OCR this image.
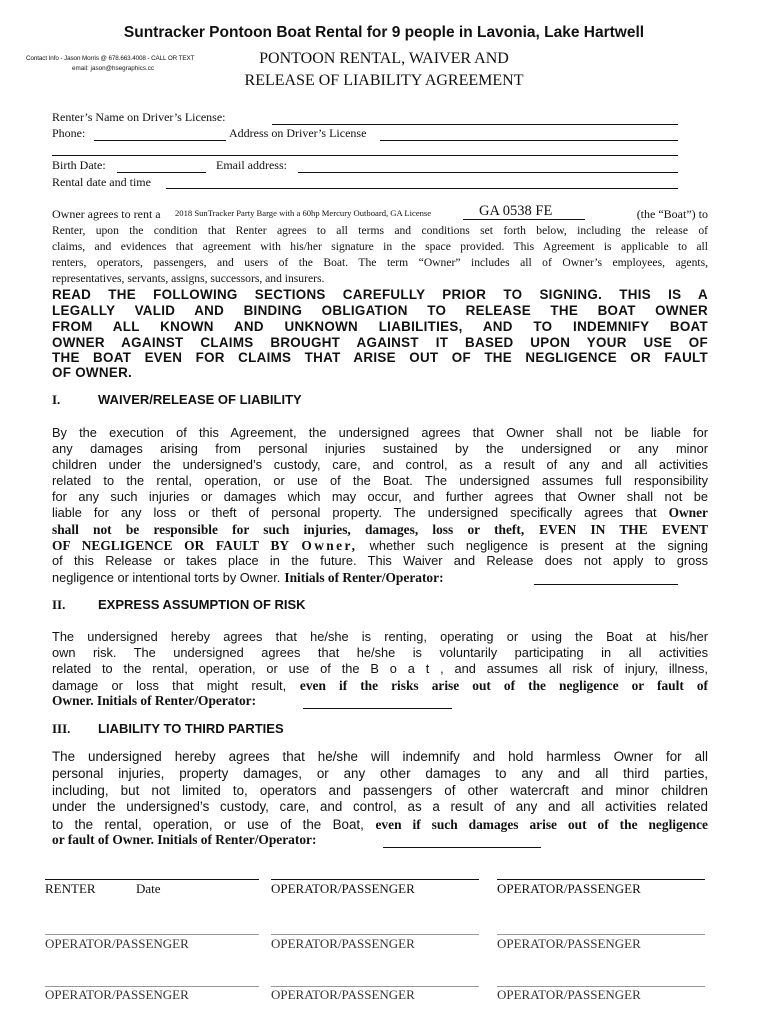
Suntracker Pontoon Boat Rental for 9 people in Lavonia, Lake Hartwell
Contact Info - Jason Morris @ 678.663.4008 - CALL OR TEXT
email: jason@hsegraphics.cc
PONTOON RENTAL, WAIVER AND
RELEASE OF LIABILITY AGREEMENT
Renter’s Name on Driver’s License:
Phone:	Address on Driver’s License
Birth Date:	Email address:
Rental date and time
Owner agrees to rent a 2018 SunTracker Party Barge with a 60hp Mercury Outboard, GA License	GA 0538 FE	(the “Boat”) to
Renter, upon the condition that Renter agrees to all terms and conditions set forth below, including the release of
claims, and evidences that agreement with his/her signature in the space provided. This Agreement is applicable to all
renters, operators, passengers, and users of the Boat. The term “Owner” includes all of Owner’s employees, agents,
representatives, servants, assigns, successors, and insurers.
READ THE FOLLOWING SECTIONS CAREFULLY PRIOR TO SIGNING. THIS IS A
LEGALLY VALID AND BINDING OBLIGATION TO RELEASE THE BOAT OWNER
FROM ALL KNOWN AND UNKNOWN LIABILITIES, AND TO INDEMNIFY BOAT
OWNER AGAINST CLAIMS BROUGHT AGAINST IT BASED UPON YOUR USE OF
THE BOAT EVEN FOR CLAIMS THAT ARISE OUT OF THE NEGLIGENCE OR FAULT
OF OWNER.
I.	WAIVER/RELEASE OF LIABILITY
By the execution of this Agreement, the undersigned agrees that Owner shall not be liable for
any damages arising from personal injuries sustained by the undersigned or any minor
children under the undersigned’s custody, care, and control, as a result of any and all activities
related to the rental, operation, or use of the Boat. The undersigned assumes full responsibility
for any such injuries or damages which may occur, and further agrees that Owner shall not be
liable for any loss or theft of personal property. The undersigned specifically agrees that Owner
shall not be responsible for such injuries, damages, loss or theft, EVEN IN THE EVENT
OF NEGLIGENCE OR FAULT BY Owner, whether such negligence is present at the signing
of this Release or takes place in the future. This Waiver and Release does not apply to gross
negligence or intentional torts by Owner. Initials of Renter/Operator:
II.	EXPRESS ASSUMPTION OF RISK
The undersigned hereby agrees that he/she is renting, operating or using the Boat at his/her
own risk. The undersigned agrees that he/she is voluntarily participating in all activities
related to the rental, operation, or use of the B o a t , and assumes all risk of injury, illness,
damage or loss that might result, even if the risks arise out of the negligence or fault of
Owner. Initials of Renter/Operator:
III. LIABILITY TO THIRD PARTIES
The undersigned hereby agrees that he/she will indemnify and hold harmless Owner for all
personal injuries, property damages, or any other damages to any and all third parties,
including, but not limited to, operators and passengers of other watercraft and minor children
under the undersigned’s custody, care, and control, as a result of any and all activities related
to the rental, operation, or use of the Boat, even if such damages arise out of the negligence
or fault of Owner. Initials of Renter/Operator:
RENTER	Date	OPERATOR/PASSENGER	OPERATOR/PASSENGER
OPERATOR/PASSENGER	OPERATOR/PASSENGER	OPERATOR/PASSENGER
OPERATOR/PASSENGER	OPERATOR/PASSENGER	OPERATOR/PASSENGER
